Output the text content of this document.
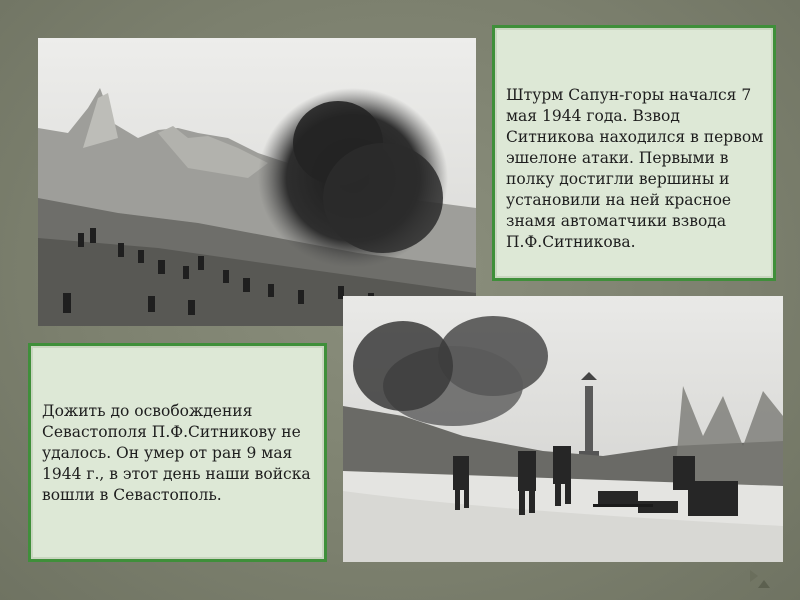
Штурм Сапун-горы начался 7 мая 1944 года. Взвод Ситникова находился в первом эшелоне атаки. Первыми в полку достигли вершины и установили на ней красное знамя автоматчики взвода П.Ф.Ситникова.

Дожить до освобождения Севастополя П.Ф.Ситникову не удалось. Он умер от ран 9 мая 1944 г., в этот день наши войска вошли в Севастополь.
